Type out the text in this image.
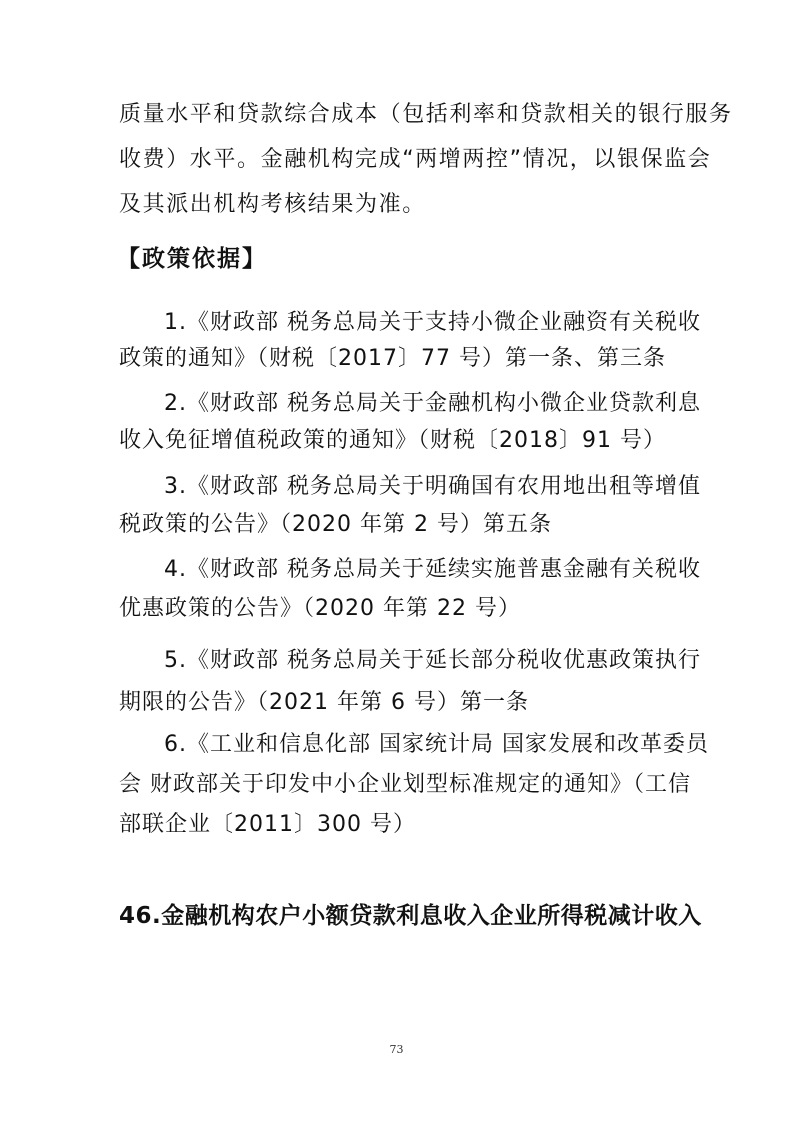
质量水平和贷款综合成本（包括利率和贷款相关的银行服务
收费）水平。金融机构完成“两增两控”情况，以银保监会
及其派出机构考核结果为准。
【政策依据】
1.《财政部 税务总局关于支持小微企业融资有关税收
政策的通知》（财税〔2017〕77 号）第一条、第三条
2.《财政部 税务总局关于金融机构小微企业贷款利息
收入免征增值税政策的通知》（财税〔2018〕91 号）
3.《财政部 税务总局关于明确国有农用地出租等增值
税政策的公告》（2020 年第 2 号）第五条
4.《财政部 税务总局关于延续实施普惠金融有关税收
优惠政策的公告》（2020 年第 22 号）
5.《财政部 税务总局关于延长部分税收优惠政策执行
期限的公告》（2021 年第 6 号）第一条
6.《工业和信息化部 国家统计局 国家发展和改革委员
会 财政部关于印发中小企业划型标准规定的通知》（工信
部联企业〔2011〕300 号）
46.金融机构农户小额贷款利息收入企业所得税减计收入
73
